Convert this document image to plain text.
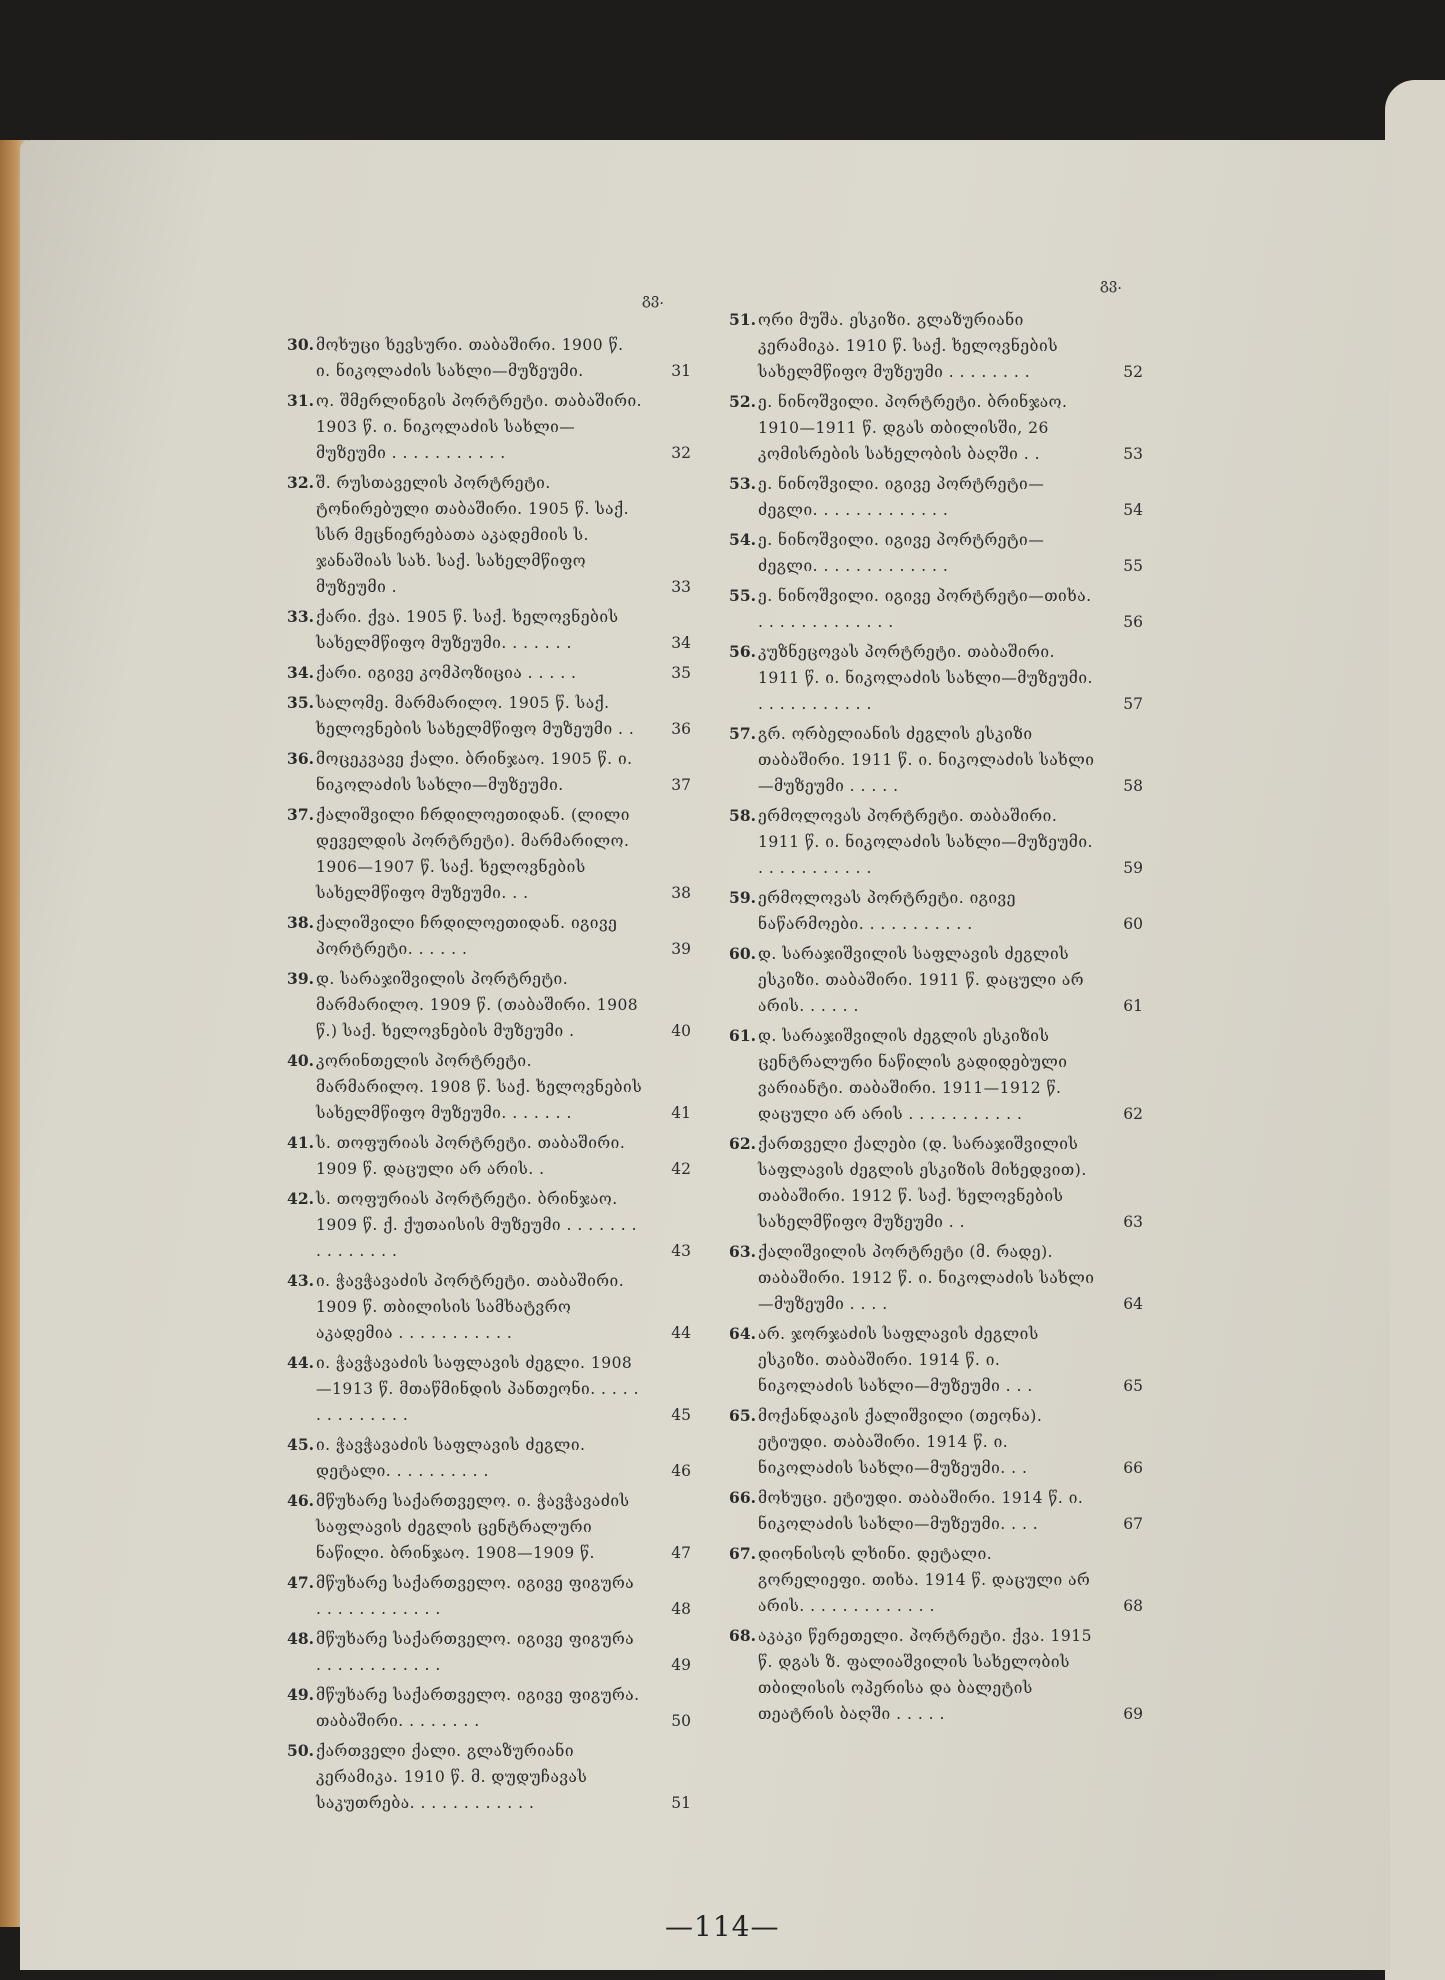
გვ.
გვ.
30. მოხუცი ხევსური. თაბაშირი. 1900 წ. ი. ნიკოლაძის სახლი—მუზეუმი.	31
31. ო. შმერლინგის პორტრეტი. თაბაშირი. 1903 წ. ი. ნიკოლაძის სახლი—მუზეუმი . . . . . . . . . . .	32
32. შ. რუსთაველის პორტრეტი. ტონირებული თაბაშირი. 1905 წ. საქ. სსრ მეცნიერებათა აკადემიის ს. ჯანაშიას სახ. საქ. სახელმწიფო მუზეუმი .	33
33. ქარი. ქვა. 1905 წ. საქ. ხელოვნების სახელმწიფო მუზეუმი. . . . . . .	34
34. ქარი. იგივე კომპოზიცია . . . . .	35
35. სალომე. მარმარილო. 1905 წ. საქ. ხელოვნების სახელმწიფო მუზეუმი . .	36
36. მოცეკვავე ქალი. ბრინჯაო. 1905 წ. ი. ნიკოლაძის სახლი—მუზეუმი.	37
37. ქალიშვილი ჩრდილოეთიდან. (ლილი დეველდის პორტრეტი). მარმარილო. 1906—1907 წ. საქ. ხელოვნების სახელმწიფო მუზეუმი. . .	38
38. ქალიშვილი ჩრდილოეთიდან. იგივე პორტრეტი. . . . . .	39
39. დ. სარაჯიშვილის პორტრეტი. მარმარილო. 1909 წ. (თაბაშირი. 1908 წ.) საქ. ხელოვნების მუზეუმი .	40
40. კორინთელის პორტრეტი. მარმარილო. 1908 წ. საქ. ხელოვნების სახელმწიფო მუზეუმი. . . . . . .	41
41. ს. თოფურიას პორტრეტი. თაბაშირი. 1909 წ. დაცული არ არის. .	42
42. ს. თოფურიას პორტრეტი. ბრინჯაო. 1909 წ. ქ. ქუთაისის მუზეუმი . . . . . . . . . . . . . . .	43
43. ი. ჭავჭავაძის პორტრეტი. თაბაშირი. 1909 წ. თბილისის სამხატვრო აკადემია . . . . . . . . . . .	44
44. ი. ჭავჭავაძის საფლავის ძეგლი. 1908—1913 წ. მთაწმინდის პანთეონი. . . . . . . . . . . . . .	45
45. ი. ჭავჭავაძის საფლავის ძეგლი. დეტალი. . . . . . . . . .	46
46. მწუხარე საქართველო. ი. ჭავჭავაძის საფლავის ძეგლის ცენტრალური ნაწილი. ბრინჯაო. 1908—1909 წ.	47
47. მწუხარე საქართველო. იგივე ფიგურა . . . . . . . . . . . .	48
48. მწუხარე საქართველო. იგივე ფიგურა . . . . . . . . . . . .	49
49. მწუხარე საქართველო. იგივე ფიგურა. თაბაშირი. . . . . . . .	50
50. ქართველი ქალი. გლაზურიანი კერამიკა. 1910 წ. მ. დუდუჩავას საკუთრება. . . . . . . . . . . .	51
51. ორი მუშა. ესკიზი. გლაზურიანი კერამიკა. 1910 წ. საქ. ხელოვნების სახელმწიფო მუზეუმი . . . . . . . .	52
52. ე. ნინოშვილი. პორტრეტი. ბრინჯაო. 1910—1911 წ. დგას თბილისში, 26 კომისრების სახელობის ბაღში . .	53
53. ე. ნინოშვილი. იგივე პორტრეტი—ძეგლი. . . . . . . . . . . . .	54
54. ე. ნინოშვილი. იგივე პორტრეტი—ძეგლი. . . . . . . . . . . . .	55
55. ე. ნინოშვილი. იგივე პორტრეტი—თიხა. . . . . . . . . . . . . .	56
56. კუზნეცოვას პორტრეტი. თაბაშირი. 1911 წ. ი. ნიკოლაძის სახლი—მუზეუმი. . . . . . . . . . . .	57
57. გრ. ორბელიანის ძეგლის ესკიზი თაბაშირი. 1911 წ. ი. ნიკოლაძის სახლი—მუზეუმი . . . . .	58
58. ერმოლოვას პორტრეტი. თაბაშირი. 1911 წ. ი. ნიკოლაძის სახლი—მუზეუმი. . . . . . . . . . . .	59
59. ერმოლოვას პორტრეტი. იგივე ნაწარმოები. . . . . . . . . . .	60
60. დ. სარაჯიშვილის საფლავის ძეგლის ესკიზი. თაბაშირი. 1911 წ. დაცული არ არის. . . . . .	61
61. დ. სარაჯიშვილის ძეგლის ესკიზის ცენტრალური ნაწილის გადიდებული ვარიანტი. თაბაშირი. 1911—1912 წ. დაცული არ არის . . . . . . . . . . .	62
62. ქართველი ქალები (დ. სარაჯიშვილის საფლავის ძეგლის ესკიზის მიხედვით). თაბაშირი. 1912 წ. საქ. ხელოვნების სახელმწიფო მუზეუმი . .	63
63. ქალიშვილის პორტრეტი (მ. რადე). თაბაშირი. 1912 წ. ი. ნიკოლაძის სახლი—მუზეუმი . . . .	64
64. არ. ჯორჯაძის საფლავის ძეგლის ესკიზი. თაბაშირი. 1914 წ. ი. ნიკოლაძის სახლი—მუზეუმი . . .	65
65. მოქანდაკის ქალიშვილი (თეონა). ეტიუდი. თაბაშირი. 1914 წ. ი. ნიკოლაძის სახლი—მუზეუმი. . .	66
66. მოხუცი. ეტიუდი. თაბაშირი. 1914 წ. ი. ნიკოლაძის სახლი—მუზეუმი. . . .	67
67. დიონისოს ლხინი. დეტალი. გორელიეფი. თიხა. 1914 წ. დაცული არ არის. . . . . . . . . . . . .	68
68. აკაკი წერეთელი. პორტრეტი. ქვა. 1915 წ. დგას ზ. ფალიაშვილის სახელობის თბილისის ოპერისა და ბალეტის თეატრის ბაღში . . . . .	69
—114—
